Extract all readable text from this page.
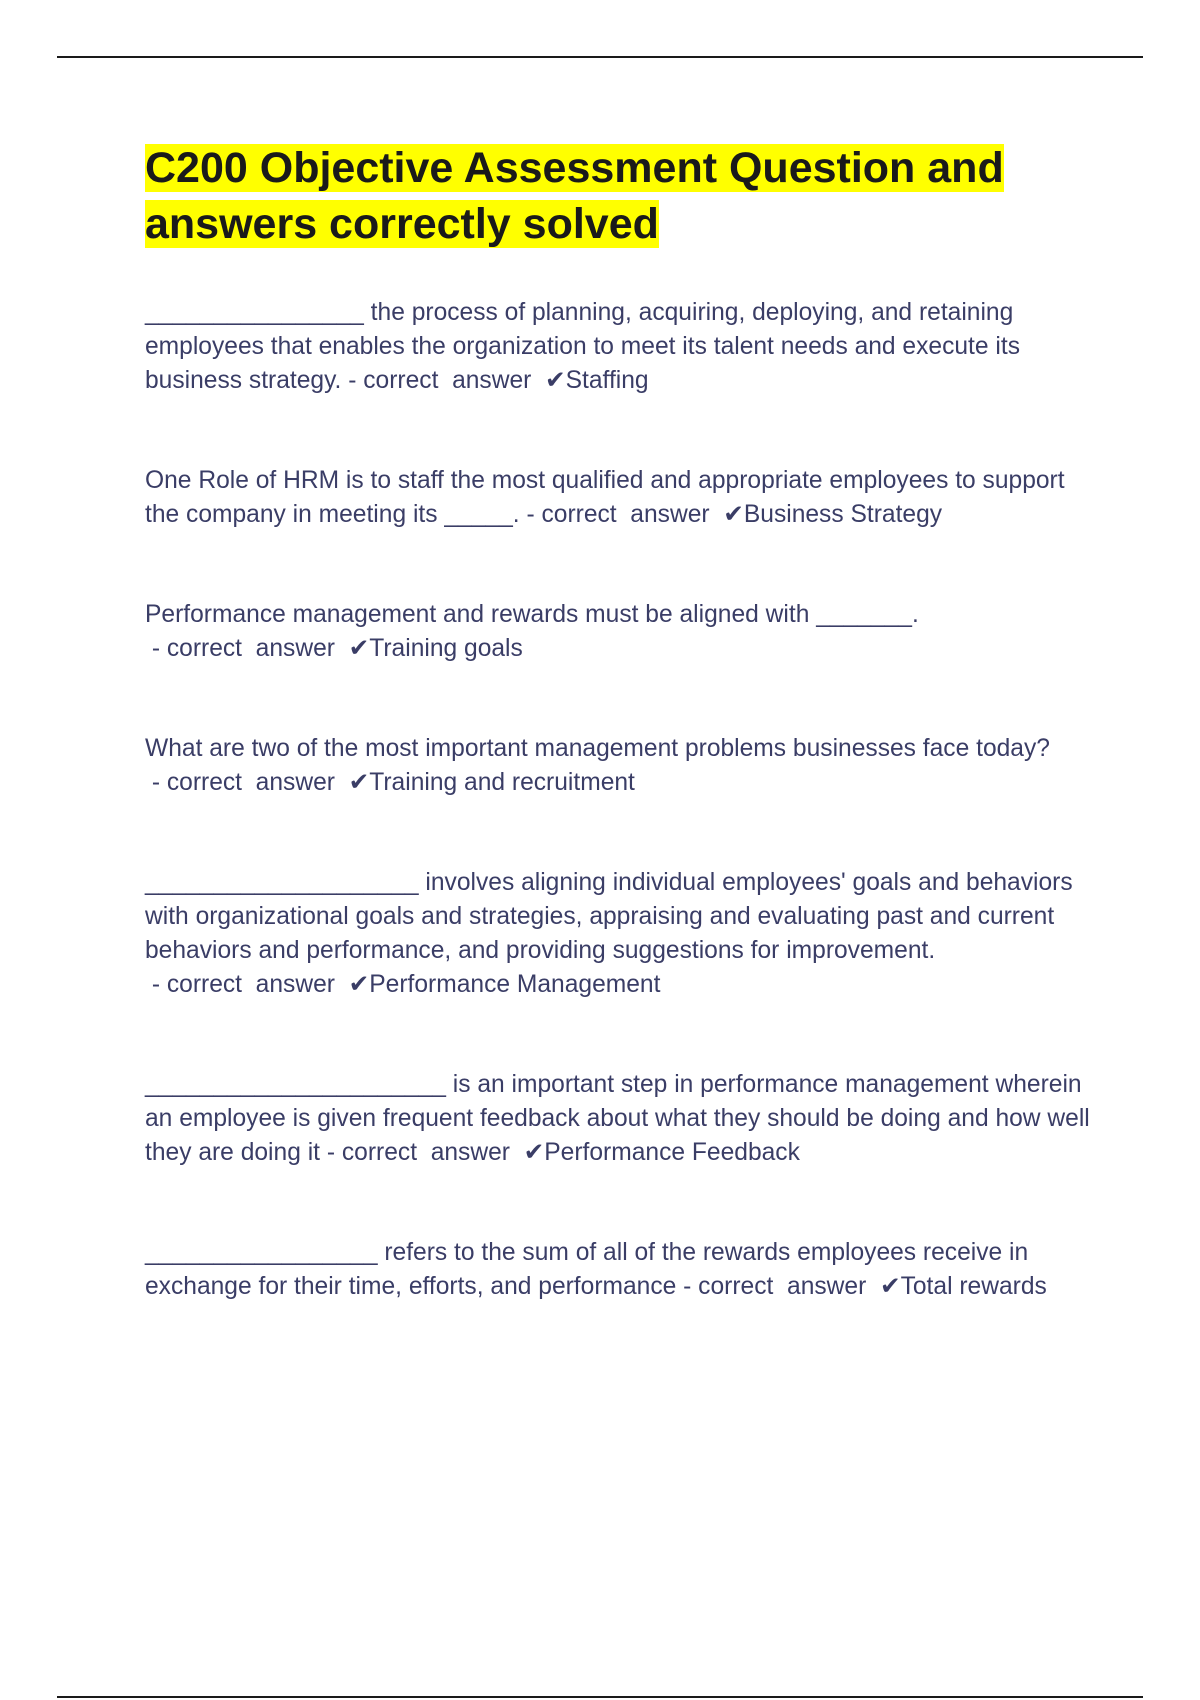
C200 Objective Assessment Question and answers correctly solved

________________ the process of planning, acquiring, deploying, and retaining employees that enables the organization to meet its talent needs and execute its business strategy. - correct  answer  ✔Staffing

One Role of HRM is to staff the most qualified and appropriate employees to support the company in meeting its _____. - correct  answer  ✔Business Strategy

Performance management and rewards must be aligned with _______. - correct  answer  ✔Training goals

What are two of the most important management problems businesses face today? - correct  answer  ✔Training and recruitment

____________________ involves aligning individual employees' goals and behaviors with organizational goals and strategies, appraising and evaluating past and current behaviors and performance, and providing suggestions for improvement. - correct  answer  ✔Performance Management

______________________ is an important step in performance management wherein an employee is given frequent feedback about what they should be doing and how well they are doing it - correct  answer  ✔Performance Feedback

_________________ refers to the sum of all of the rewards employees receive in exchange for their time, efforts, and performance - correct  answer  ✔Total rewards
